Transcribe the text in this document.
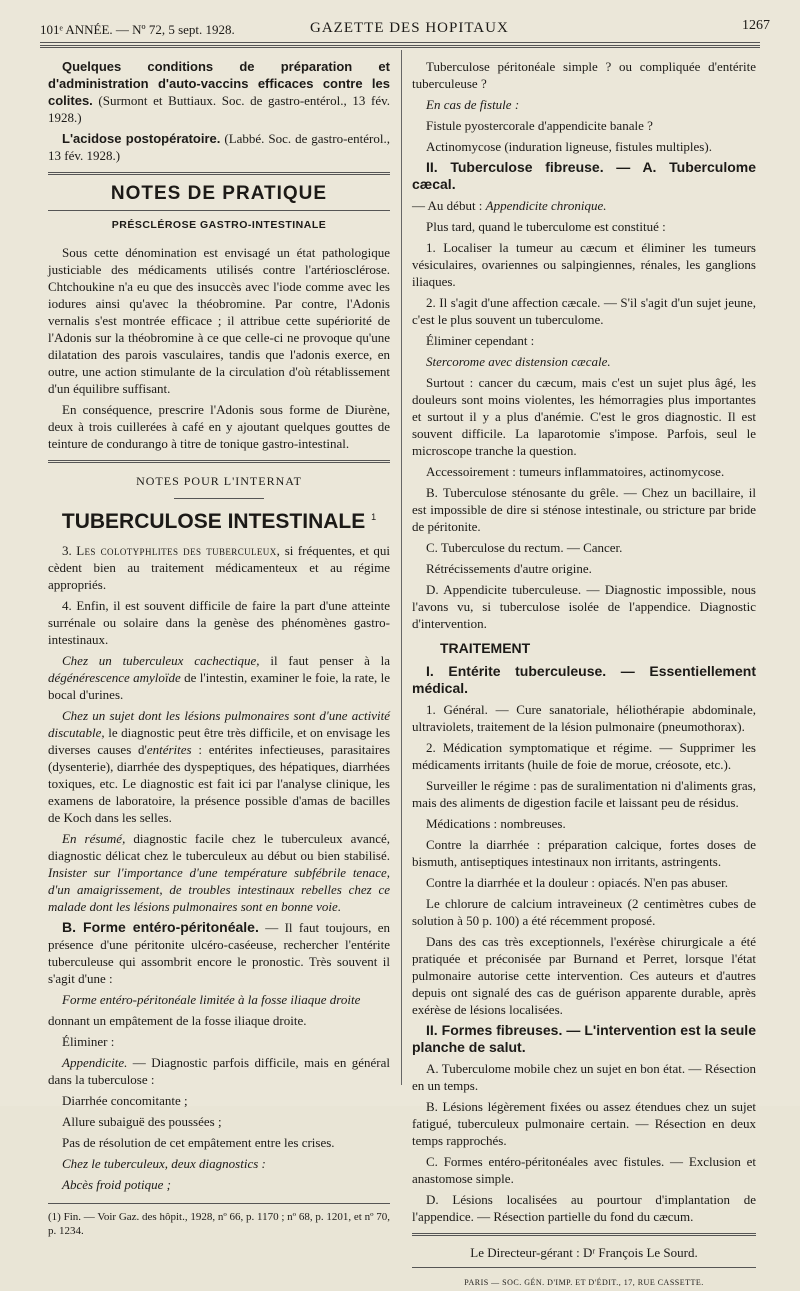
101ᵉ ANNÉE. — Nº 72, 5 sept. 1928.	GAZETTE DES HOPITAUX	1267

Quelques conditions de préparation et d'administration d'auto-vaccins efficaces contre les colites. (Surmont et Buttiaux. Soc. de gastro-entérol., 13 fév. 1928.)

L'acidose postopératoire. (Labbé. Soc. de gastro-entérol., 13 fév. 1928.)

NOTES DE PRATIQUE
PRÉSCLÉROSE GASTRO-INTESTINALE

Sous cette dénomination est envisagé un état pathologique justiciable des médicaments utilisés contre l'artériosclérose. Chtchoukine n'a eu que des insuccès avec l'iode comme avec les iodures ainsi qu'avec la théobromine. Par contre, l'Adonis vernalis s'est montrée efficace ; il attribue cette supériorité de l'Adonis sur la théobromine à ce que celle-ci ne provoque qu'une dilatation des parois vasculaires, tandis que l'adonis exerce, en outre, une action stimulante de la circulation d'où rétablissement d'un équilibre suffisant.

En conséquence, prescrire l'Adonis sous forme de Diurène, deux à trois cuillerées à café en y ajoutant quelques gouttes de teinture de condurango à titre de tonique gastro-intestinal.

NOTES POUR L'INTERNAT
TUBERCULOSE INTESTINALE $^1$

3. Les colotyphlites des tuberculeux, si fréquentes, et qui cèdent bien au traitement médicamenteux et au régime appropriés.

4. Enfin, il est souvent difficile de faire la part d'une atteinte surrénale ou solaire dans la genèse des phénomènes gastro-intestinaux.

Chez un tuberculeux cachectique, il faut penser à la dégénérescence amyloïde de l'intestin, examiner le foie, la rate, le bocal d'urines.

Chez un sujet dont les lésions pulmonaires sont d'une activité discutable, le diagnostic peut être très difficile, et on envisage les diverses causes d'entérites : entérites infectieuses, parasitaires (dysenterie), diarrhée des dyspeptiques, des hépatiques, diarrhées toxiques, etc. Le diagnostic est fait ici par l'analyse clinique, les examens de laboratoire, la présence possible d'amas de bacilles de Koch dans les selles.

En résumé, diagnostic facile chez le tuberculeux avancé, diagnostic délicat chez le tuberculeux au début ou bien stabilisé. Insister sur l'importance d'une température subfébrile tenace, d'un amaigrissement, de troubles intestinaux rebelles chez ce malade dont les lésions pulmonaires sont en bonne voie.

B. Forme entéro-péritonéale. — Il faut toujours, en présence d'une péritonite ulcéro-caséeuse, rechercher l'entérite tuberculeuse qui assombrit encore le pronostic. Très souvent il s'agit d'une :

Forme entéro-péritonéale limitée à la fosse iliaque droite

donnant un empâtement de la fosse iliaque droite.

Éliminer :

Appendicite. — Diagnostic parfois difficile, mais en général dans la tuberculose :

Diarrhée concomitante ;

Allure subaiguë des poussées ;

Pas de résolution de cet empâtement entre les crises.

Chez le tuberculeux, deux diagnostics :

Abcès froid potique ;

(1) Fin. — Voir Gaz. des hôpit., 1928, nº 66, p. 1170 ; nº 68, p. 1201, et nº 70, p. 1234.

Tuberculose péritonéale simple ? ou compliquée d'entérite tuberculeuse ?

En cas de fistule :

Fistule pyostercorale d'appendicite banale ?

Actinomycose (induration ligneuse, fistules multiples).

II. Tuberculose fibreuse. — A. Tuberculome cæcal.

— Au début : Appendicite chronique.

Plus tard, quand le tuberculome est constitué :

1. Localiser la tumeur au cæcum et éliminer les tumeurs vésiculaires, ovariennes ou salpingiennes, rénales, les ganglions iliaques.

2. Il s'agit d'une affection cæcale. — S'il s'agit d'un sujet jeune, c'est le plus souvent un tuberculome.

Éliminer cependant :

Stercorome avec distension cæcale.

Surtout : cancer du cæcum, mais c'est un sujet plus âgé, les douleurs sont moins violentes, les hémorragies plus importantes et surtout il y a plus d'anémie. C'est le gros diagnostic. Il est souvent difficile. La laparotomie s'impose. Parfois, seul le microscope tranche la question.

Accessoirement : tumeurs inflammatoires, actinomycose.

B. Tuberculose sténosante du grêle. — Chez un bacillaire, il est impossible de dire si sténose intestinale, ou stricture par bride de péritonite.

C. Tuberculose du rectum. — Cancer.

Rétrécissements d'autre origine.

D. Appendicite tuberculeuse. — Diagnostic impossible, nous l'avons vu, si tuberculose isolée de l'appendice. Diagnostic d'intervention.

TRAITEMENT

I. Entérite tuberculeuse. — Essentiellement médical.

1. Général. — Cure sanatoriale, héliothérapie abdominale, ultraviolets, traitement de la lésion pulmonaire (pneumothorax).

2. Médication symptomatique et régime. — Supprimer les médicaments irritants (huile de foie de morue, créosote, etc.).

Surveiller le régime : pas de suralimentation ni d'aliments gras, mais des aliments de digestion facile et laissant peu de résidus.

Médications : nombreuses.

Contre la diarrhée : préparation calcique, fortes doses de bismuth, antiseptiques intestinaux non irritants, astringents.

Contre la diarrhée et la douleur : opiacés. N'en pas abuser.

Le chlorure de calcium intraveineux (2 centimètres cubes de solution à 50 p. 100) a été récemment proposé.

Dans des cas très exceptionnels, l'exérèse chirurgicale a été pratiquée et préconisée par Burnand et Perret, lorsque l'état pulmonaire autorise cette intervention. Ces auteurs et d'autres depuis ont signalé des cas de guérison apparente durable, après exérèse de lésions localisées.

II. Formes fibreuses. — L'intervention est la seule planche de salut.

A. Tuberculome mobile chez un sujet en bon état. — Résection en un temps.

B. Lésions légèrement fixées ou assez étendues chez un sujet fatigué, tuberculeux pulmonaire certain. — Résection en deux temps rapprochés.

C. Formes entéro-péritonéales avec fistules. — Exclusion et anastomose simple.

D. Lésions localisées au pourtour d'implantation de l'appendice. — Résection partielle du fond du cæcum.

Le Directeur-gérant : Dʳ François Le Sourd.
PARIS — SOC. GÉN. D'IMP. ET D'ÉDIT., 17, RUE CASSETTE.
